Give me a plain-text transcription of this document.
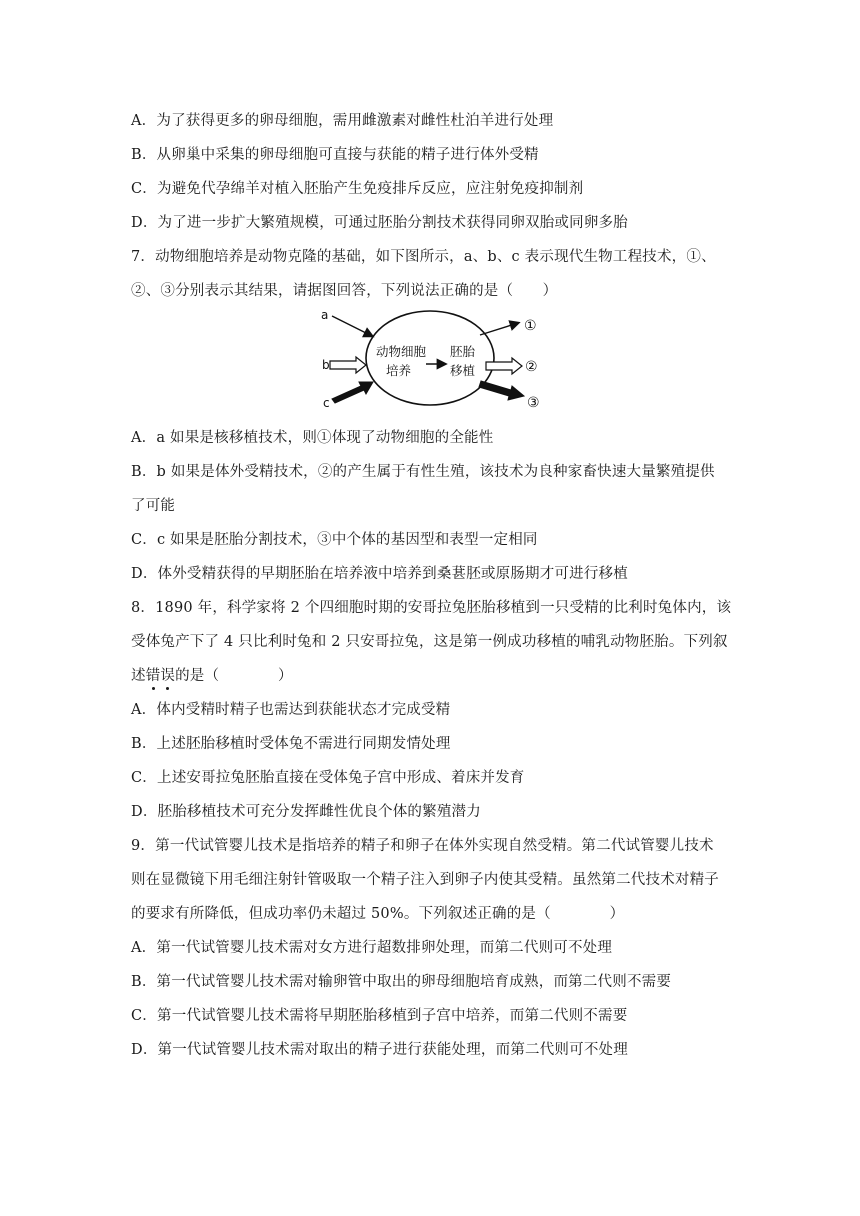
A．为了获得更多的卵母细胞，需用雌激素对雌性杜泊羊进行处理
B．从卵巢中采集的卵母细胞可直接与获能的精子进行体外受精
C．为避免代孕绵羊对植入胚胎产生免疫排斥反应，应注射免疫抑制剂
D．为了进一步扩大繁殖规模，可通过胚胎分割技术获得同卵双胎或同卵多胎
7．动物细胞培养是动物克隆的基础，如下图所示，a、b、c 表示现代生物工程技术，①、
②、③分别表示其结果，请据图回答，下列说法正确的是（　　）
a
b
c
动物细胞
培养
胚胎
移植
①
②
③
A．a 如果是核移植技术，则①体现了动物细胞的全能性
B．b 如果是体外受精技术，②的产生属于有性生殖，该技术为良种家畜快速大量繁殖提供
了可能
C．c 如果是胚胎分割技术，③中个体的基因型和表型一定相同
D．体外受精获得的早期胚胎在培养液中培养到桑葚胚或原肠期才可进行移植
8．1890 年，科学家将 2 个四细胞时期的安哥拉兔胚胎移植到一只受精的比利时兔体内，该
受体兔产下了 4 只比利时兔和 2 只安哥拉兔，这是第一例成功移植的哺乳动物胚胎。下列叙
述错误的是（　　　　）
A．体内受精时精子也需达到获能状态才完成受精
B．上述胚胎移植时受体兔不需进行同期发情处理
C．上述安哥拉兔胚胎直接在受体兔子宫中形成、着床并发育
D．胚胎移植技术可充分发挥雌性优良个体的繁殖潜力
9．第一代试管婴儿技术是指培养的精子和卵子在体外实现自然受精。第二代试管婴儿技术
则在显微镜下用毛细注射针管吸取一个精子注入到卵子内使其受精。虽然第二代技术对精子
的要求有所降低，但成功率仍未超过 50%。下列叙述正确的是（　　　　）
A．第一代试管婴儿技术需对女方进行超数排卵处理，而第二代则可不处理
B．第一代试管婴儿技术需对输卵管中取出的卵母细胞培育成熟，而第二代则不需要
C．第一代试管婴儿技术需将早期胚胎移植到子宫中培养，而第二代则不需要
D．第一代试管婴儿技术需对取出的精子进行获能处理，而第二代则可不处理
